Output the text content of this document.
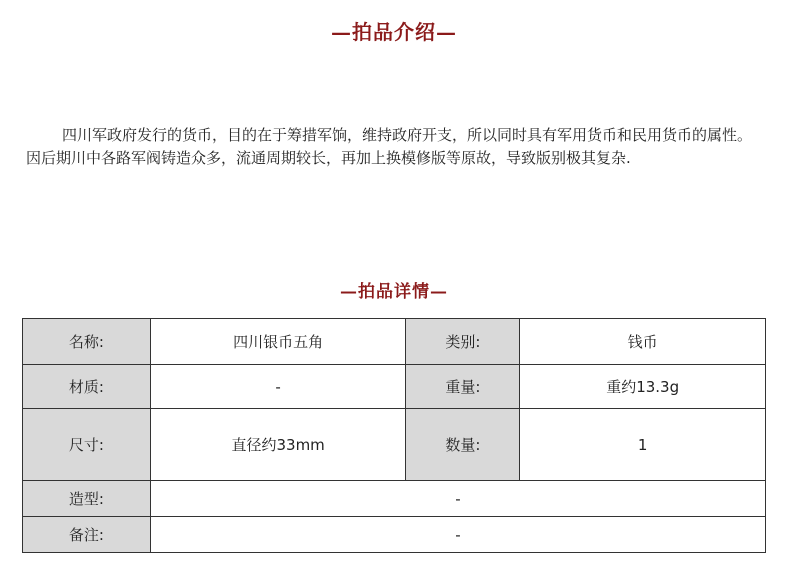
—拍品介绍—

四川军政府发行的货币，目的在于筹措军饷，维持政府开支，所以同时具有军用货币和民用货币的属性。因后期川中各路军阀铸造众多，流通周期较长，再加上换模修版等原故，导致版别极其复杂.

—拍品详情—
名称:	四川银币五角	类别:	钱币
材质:	-	重量:	重约13.3g
尺寸:	直径约33mm	数量:	1
造型:	-		
备注:	-		
